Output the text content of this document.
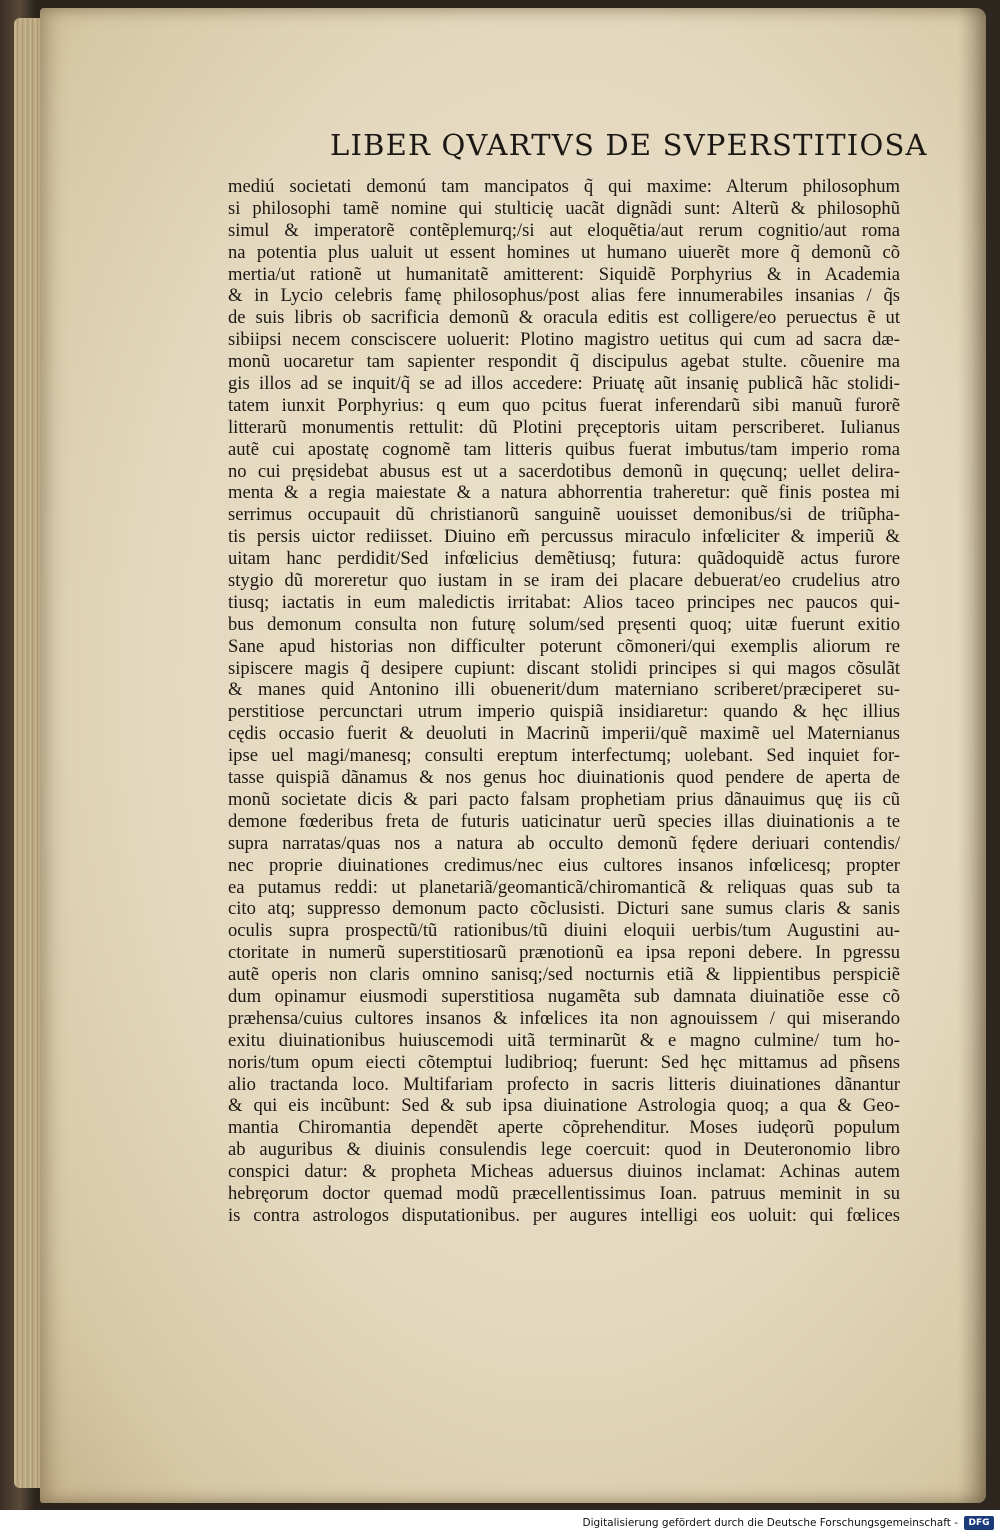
LIBER QVARTVS DE SVPERSTITIOSA
mediú societati demonú tam mancipatos q̃ qui maxime: Alterum philosophum
si philosophi tamẽ nomine qui stulticię uacãt dignãdi sunt: Alterũ & philosophũ
simul & imperatorẽ contẽplemurq;/si aut eloquẽtia/aut rerum cognitio/aut roma
na potentia plus ualuit ut essent homines ut humano uiuerẽt more q̃ demonũ cõ
mertia/ut rationẽ ut humanitatẽ amitterent: Siquidẽ Porphyrius & in Academia
& in Lycio celebris famę philosophus/post alias fere innumerabiles insanias / q̃s
de suis libris ob sacrificia demonũ & oracula editis est colligere/eo peruectus ẽ ut
sibiipsi necem consciscere uoluerit: Plotino magistro uetitus qui cum ad sacra dæ-
monũ uocaretur tam sapienter respondit q̃ discipulus agebat stulte. cõuenire ma
gis illos ad se inquit/q̃ se ad illos accedere: Priuatę aũt insanię publicã hãc stolidi-
tatem iunxit Porphyrius: q eum quo pcitus fuerat inferendarũ sibi manuũ furorẽ
litterarũ monumentis rettulit: dũ Plotini pręceptoris uitam perscriberet. Iulianus
autẽ cui apostatę cognomẽ tam litteris quibus fuerat imbutus/tam imperio roma
no cui pręsidebat abusus est ut a sacerdotibus demonũ in quęcunq; uellet delira-
menta & a regia maiestate & a natura abhorrentia traheretur: quẽ finis postea mi
serrimus occupauit dũ christianorũ sanguinẽ uouisset demonibus/si de triũpha-
tis persis uictor rediisset. Diuino em̃ percussus miraculo infœliciter & imperiũ &
uitam hanc perdidit/Sed infœlicius demẽtiusq; futura: quãdoquidẽ actus furore
stygio dũ moreretur quo iustam in se iram dei placare debuerat/eo crudelius atro
tiusq; iactatis in eum maledictis irritabat: Alios taceo principes nec paucos qui-
bus demonum consulta non futurę solum/sed pręsenti quoq; uitæ fuerunt exitio
Sane apud historias non difficulter poterunt cõmoneri/qui exemplis aliorum re
sipiscere magis q̃ desipere cupiunt: discant stolidi principes si qui magos cõsulãt
& manes quid Antonino illi obuenerit/dum materniano scriberet/præciperet su-
perstitiose percunctari utrum imperio quispiã insidiaretur: quando & hęc illius
cędis occasio fuerit & deuoluti in Macrinũ imperii/quẽ maximẽ uel Maternianus
ipse uel magi/manesq; consulti ereptum interfectumq; uolebant. Sed inquiet for-
tasse quispiã dãnamus & nos genus hoc diuinationis quod pendere de aperta de
monũ societate dicis & pari pacto falsam prophetiam prius dãnauimus quę iis cũ
demone fœderibus freta de futuris uaticinatur uerũ species illas diuinationis a te
supra narratas/quas nos a natura ab occulto demonũ fędere deriuari contendis/
nec proprie diuinationes credimus/nec eius cultores insanos infœlicesq; propter
ea putamus reddi: ut planetariã/geomanticã/chiromanticã & reliquas quas sub ta
cito atq; suppresso demonum pacto cõclusisti. Dicturi sane sumus claris & sanis
oculis supra prospectũ/tũ rationibus/tũ diuini eloquii uerbis/tum Augustini au-
ctoritate in numerũ superstitiosarũ prænotionũ ea ipsa reponi debere. In pgressu
autẽ operis non claris omnino sanisq;/sed nocturnis etiã & lippientibus perspiciẽ
dum opinamur eiusmodi superstitiosa nugamẽta sub damnata diuinatiõe esse cõ
præhensa/cuius cultores insanos & infœlices ita non agnouissem / qui miserando
exitu diuinationibus huiuscemodi uitã terminarũt & e magno culmine/ tum ho-
noris/tum opum eiecti cõtemptui ludibrioq; fuerunt: Sed hęc mittamus ad pñsens
alio tractanda loco. Multifariam profecto in sacris litteris diuinationes dãnantur
& qui eis incũbunt: Sed & sub ipsa diuinatione Astrologia quoq; a qua & Geo-
mantia Chiromantia dependẽt aperte cõprehenditur. Moses iudęorũ populum
ab auguribus & diuinis consulendis lege coercuit: quod in Deuteronomio libro
conspici datur: & propheta Micheas aduersus diuinos inclamat: Achinas autem
hebręorum doctor quemad modũ præcellentissimus Ioan. patruus meminit in su
is contra astrologos disputationibus. per augures intelligi eos uoluit: qui fœlices
Digitalisierung gefördert durch die Deutsche Forschungsgemeinschaft -	DFG
